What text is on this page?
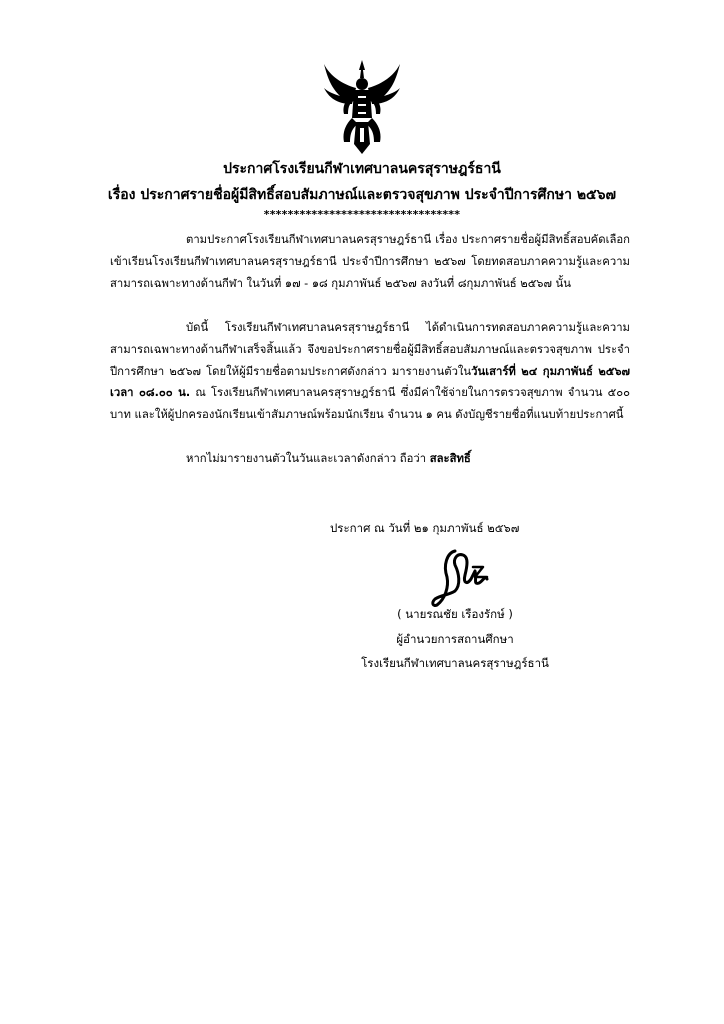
ประกาศโรงเรียนกีฬาเทศบาลนครสุราษฎร์ธานี
เรื่อง ประกาศรายชื่อผู้มีสิทธิ์สอบสัมภาษณ์และตรวจสุขภาพ ประจำปีการศึกษา ๒๕๖๗
*********************************
ตามประกาศโรงเรียนกีฬาเทศบาลนครสุราษฎร์ธานี เรื่อง ประกาศรายชื่อผู้มีสิทธิ์สอบคัดเลือกเข้าเรียนโรงเรียนกีฬาเทศบาลนครสุราษฎร์ธานี ประจำปีการศึกษา ๒๕๖๗ โดยทดสอบภาคความรู้และความสามารถเฉพาะทางด้านกีฬา ในวันที่ ๑๗ - ๑๘ กุมภาพันธ์ ๒๕๖๗ ลงวันที่ ๘กุมภาพันธ์ ๒๕๖๗ นั้น
บัดนี้ โรงเรียนกีฬาเทศบาลนครสุราษฎร์ธานี ได้ดำเนินการทดสอบภาคความรู้และความสามารถเฉพาะทางด้านกีฬาเสร็จสิ้นแล้ว จึงขอประกาศรายชื่อผู้มีสิทธิ์สอบสัมภาษณ์และตรวจสุขภาพ ประจำปีการศึกษา ๒๕๖๗ โดยให้ผู้มีรายชื่อตามประกาศดังกล่าว มารายงานตัวในวันเสาร์ที่ ๒๔ กุมภาพันธ์ ๒๕๖๗ เวลา ๐๘.๐๐ น. ณ โรงเรียนกีฬาเทศบาลนครสุราษฎร์ธานี ซึ่งมีค่าใช้จ่ายในการตรวจสุขภาพ จำนวน ๕๐๐ บาท และให้ผู้ปกครองนักเรียนเข้าสัมภาษณ์พร้อมนักเรียน จำนวน ๑ คน ดังบัญชีรายชื่อที่แนบท้ายประกาศนี้
หากไม่มารายงานตัวในวันและเวลาดังกล่าว ถือว่า สละสิทธิ์
ประกาศ ณ วันที่ ๒๑ กุมภาพันธ์ ๒๕๖๗
( นายรณชัย เรืองรักษ์ )
ผู้อำนวยการสถานศึกษา
โรงเรียนกีฬาเทศบาลนครสุราษฎร์ธานี
